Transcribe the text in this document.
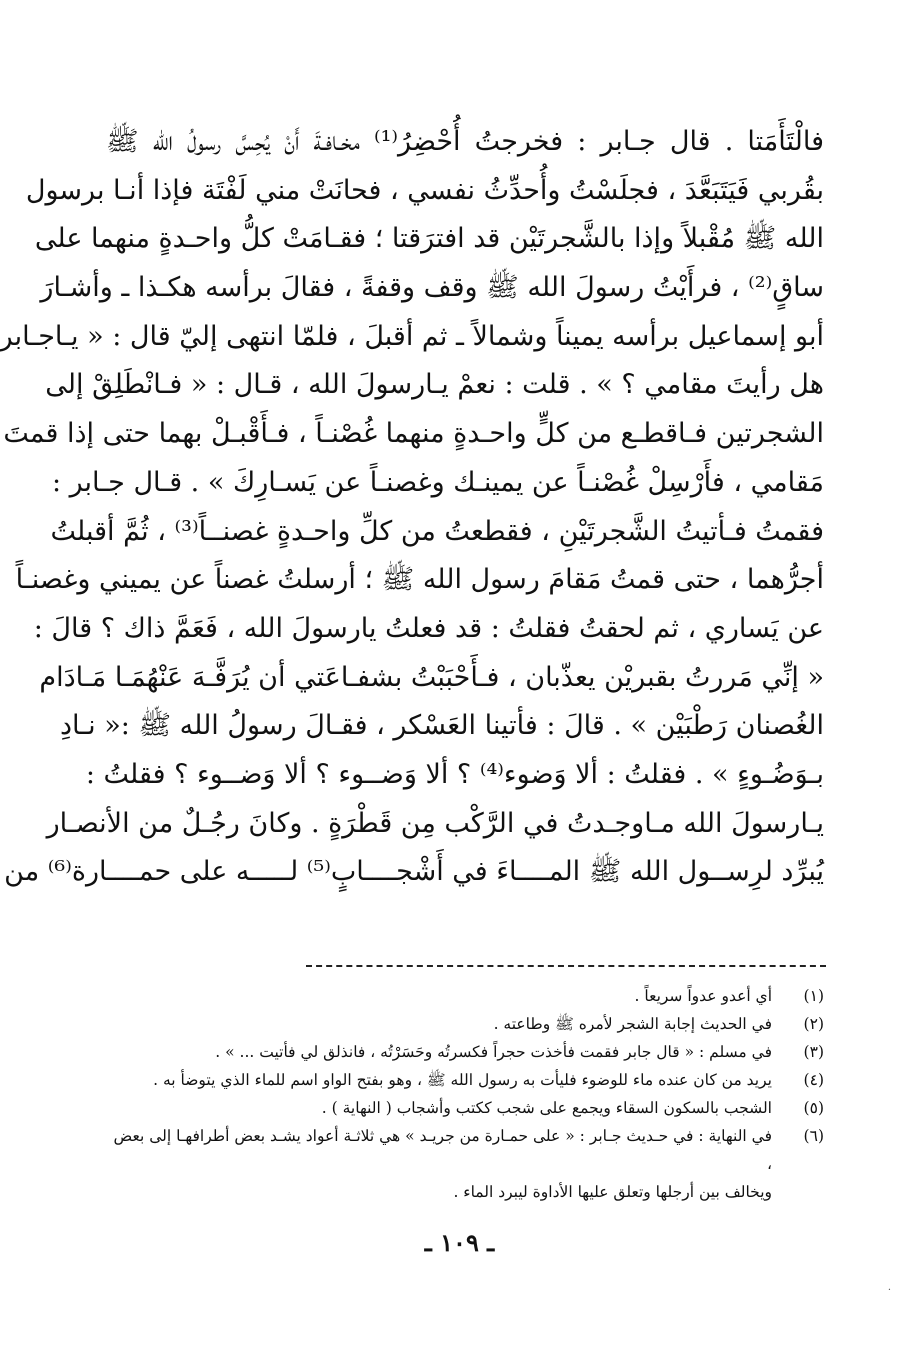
فالْتَأَمَتا . قال جـابر : فخرجتُ أُحْضِرُ⁽¹⁾ مخـافـةَ أَنْ يُحِسَّ رسولُ الله ﷺ
بقُربي فَيَتَبَعَّدَ ، فجلَسْتُ وأُحدِّثُ نفسي ، فحانَتْ مني لَفْتَة فإذا أنـا برسول
الله ﷺ مُقْبلاً وإذا بالشَّجرتَيْن قد افترَقتا ؛ فقـامَتْ كلُّ واحـدةٍ منهما على
ساقٍ⁽²⁾ ، فرأَيْتُ رسولَ الله ﷺ وقف وقفةً ، فقالَ برأسه هكـذا ـ وأشـارَ
أبو إسماعيل برأسه يميناً وشمالاً ـ ثم أقبلَ ، فلمّا انتهى إليّ قال : « يـاجـابر
هل رأيتَ مقامي ؟ » . قلت : نعمْ يـارسولَ الله ، قـال : « فـانْطَلِقْ إلى
الشجرتين فـاقطـع من كلٍّ واحـدةٍ منهما غُصْنـاً ، فـأَقْبـلْ بهما حتى إذا قمتَ
مَقامي ، فأَرْسِلْ غُصْنـاً عن يمينـك وغصنـاً عن يَسـارِكَ » . قـال جـابر :
فقمتُ فـأتيتُ الشَّجرتَيْنِ ، فقطعتُ من كلِّ واحـدةٍ غصنــاً⁽³⁾ ، ثُمَّ أقبلتُ
أجرُّهما ، حتى قمتُ مَقامَ رسول الله ﷺ ؛ أرسلتُ غصناً عن يميني وغصنـاً
عن يَساري ، ثم لحقتُ فقلتُ : قد فعلتُ يارسولَ الله ، فَعَمَّ ذاك ؟ قالَ :
« إنِّي مَررتُ بقبريْن يعذّبان ، فـأَحْبَبْتُ بشفـاعَتي أن يُرَفَّـهَ عَنْهُمَـا مَـادَام
الغُصنان رَطْبَيْن » . قالَ : فأتينا العَسْكر ، فقـالَ رسولُ الله ﷺ :« نـادِ
بـوَضُـوءٍ » . فقلتُ : ألا وَضوء⁽⁴⁾ ؟ ألا وَضــوء ؟ ألا وَضــوء ؟ فقلتُ :
يـارسولَ الله مـاوجـدتُ في الرَّكْب مِن قَطْرَةٍ . وكانَ رجُـلٌ من الأنصـار
يُبرِّد لرِســول الله ﷺ المــــاءَ في أَشْجــــابٍ⁽⁵⁾ لـــــه على حمــــارة⁽⁶⁾ من
(١)
أي أعدو عدواً سريعاً .
(٢)
في الحديث إجابة الشجر لأمره ﷺ وطاعته .
(٣)
في مسلم : « قال جابر فقمت فأخذت حجراً فكسرتُه وحَسَرْتُه ، فانذلق لي فأتيت ... » .
(٤)
يريد من كان عنده ماء للوضوء فليأت به رسول الله ﷺ ، وهو بفتح الواو اسم للماء الذي يتوضأ به .
(٥)
الشجب بالسكون السقاء ويجمع على شجب ككتب وأشجاب ( النهاية ) .
(٦)
في النهاية : في حـديث جـابر : « على حمـارة من جريـد » هي ثلاثـة أعواد يشـد بعض أطرافهـا إلى بعض ،
ويخالف بين أرجلها وتعلق عليها الأداوة ليبرد الماء .
ـ ١٠٩ ـ
·
